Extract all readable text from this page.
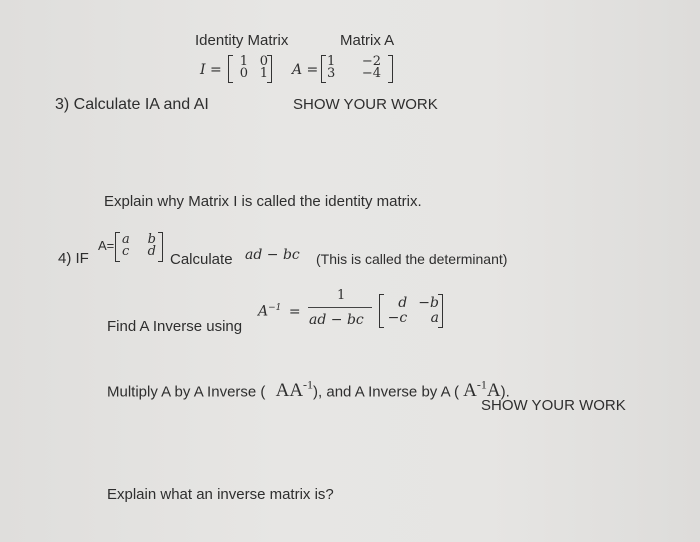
Identity Matrix	Matrix A
I =
1	0
0	1 A =
1	−2
3	−4
3) Calculate IA and AI	SHOW YOUR WORK
Explain why Matrix I is called the identity matrix.
4) IF
A= a	b
c	d Calculate ad − bc (This is called the determinant)
Find A Inverse using
$A^{-1}$ =
1
ad − bc
d	−b
−c	a
Multiply A by A Inverse ( $AA^{-1}$), and A Inverse by A ( $A^{-1}A$).
SHOW YOUR WORK
Explain what an inverse matrix is?
